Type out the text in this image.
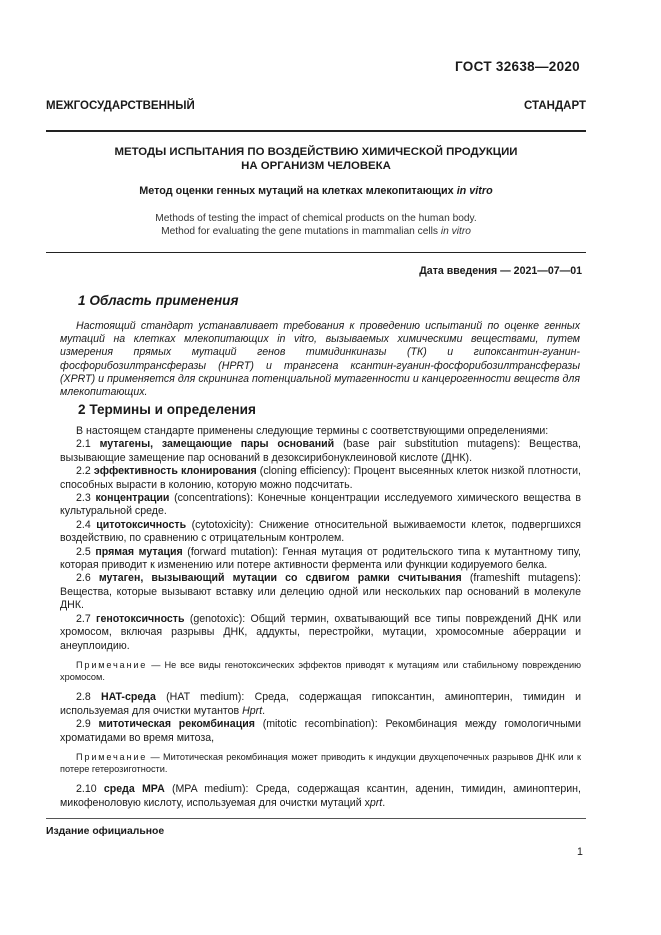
ГОСТ 32638—2020
МЕЖГОСУДАРСТВЕННЫЙ СТАНДАРТ
МЕТОДЫ ИСПЫТАНИЯ ПО ВОЗДЕЙСТВИЮ ХИМИЧЕСКОЙ ПРОДУКЦИИ
НА ОРГАНИЗМ ЧЕЛОВЕКА
Метод оценки генных мутаций на клетках млекопитающих in vitro
Methods of testing the impact of chemical products on the human body.
Method for evaluating the gene mutations in mammalian cells in vitro
Дата введения — 2021—07—01
1 Область применения

Настоящий стандарт устанавливает требования к проведению испытаний по оценке генных мутаций на клетках млекопитающих in vitro, вызываемых химическими веществами, путем измерения прямых мутаций генов тимидинкиназы (ТК) и гипоксантин-гуанин-фосфорибозилтрансферазы (HPRT) и трангсена ксантин-гуанин-фосфорибозилтрансферазы (XPRT) и применяется для скрининга потенциальной мутагенности и канцерогенности веществ для млекопитающих.

2 Термины и определения

В настоящем стандарте применены следующие термины с соответствующими определениями:

2.1 мутагены, замещающие пары оснований (base pair substitution mutagens): Вещества, вызывающие замещение пар оснований в дезоксирибонуклеиновой кислоте (ДНК).

2.2 эффективность клонирования (cloning efficiency): Процент высеянных клеток низкой плотности, способных вырасти в колонию, которую можно подсчитать.

2.3 концентрации (concentrations): Конечные концентрации исследуемого химического вещества в культуральной среде.

2.4 цитотоксичность (cytotoxicity): Снижение относительной выживаемости клеток, подвергшихся воздействию, по сравнению с отрицательным контролем.

2.5 прямая мутация (forward mutation): Генная мутация от родительского типа к мутантному типу, которая приводит к изменению или потере активности фермента или функции кодируемого белка.

2.6 мутаген, вызывающий мутации со сдвигом рамки считывания (frameshift mutagens): Вещества, которые вызывают вставку или делецию одной или нескольких пар оснований в молекуле ДНК.

2.7 генотоксичность (genotoxic): Общий термин, охватывающий все типы повреждений ДНК или хромосом, включая разрывы ДНК, аддукты, перестройки, мутации, хромосомные аберрации и анеуплоидию.

Примечание — Не все виды генотоксических эффектов приводят к мутациям или стабильному повреждению хромосом.

2.8 HAT-среда (HAT medium): Среда, содержащая гипоксантин, аминоптерин, тимидин и используемая для очистки мутантов Hprt.

2.9 митотическая рекомбинация (mitotic recombination): Рекомбинация между гомологичными хроматидами во время митоза,

Примечание — Митотическая рекомбинация может приводить к индукции двухцепочечных разрывов ДНК или к потере гетерозиготности.

2.10 среда MPA (MPA medium): Среда, содержащая ксантин, аденин, тимидин, аминоптерин, микофеноловую кислоту, используемая для очистки мутаций xprt.

Издание официальное
1
